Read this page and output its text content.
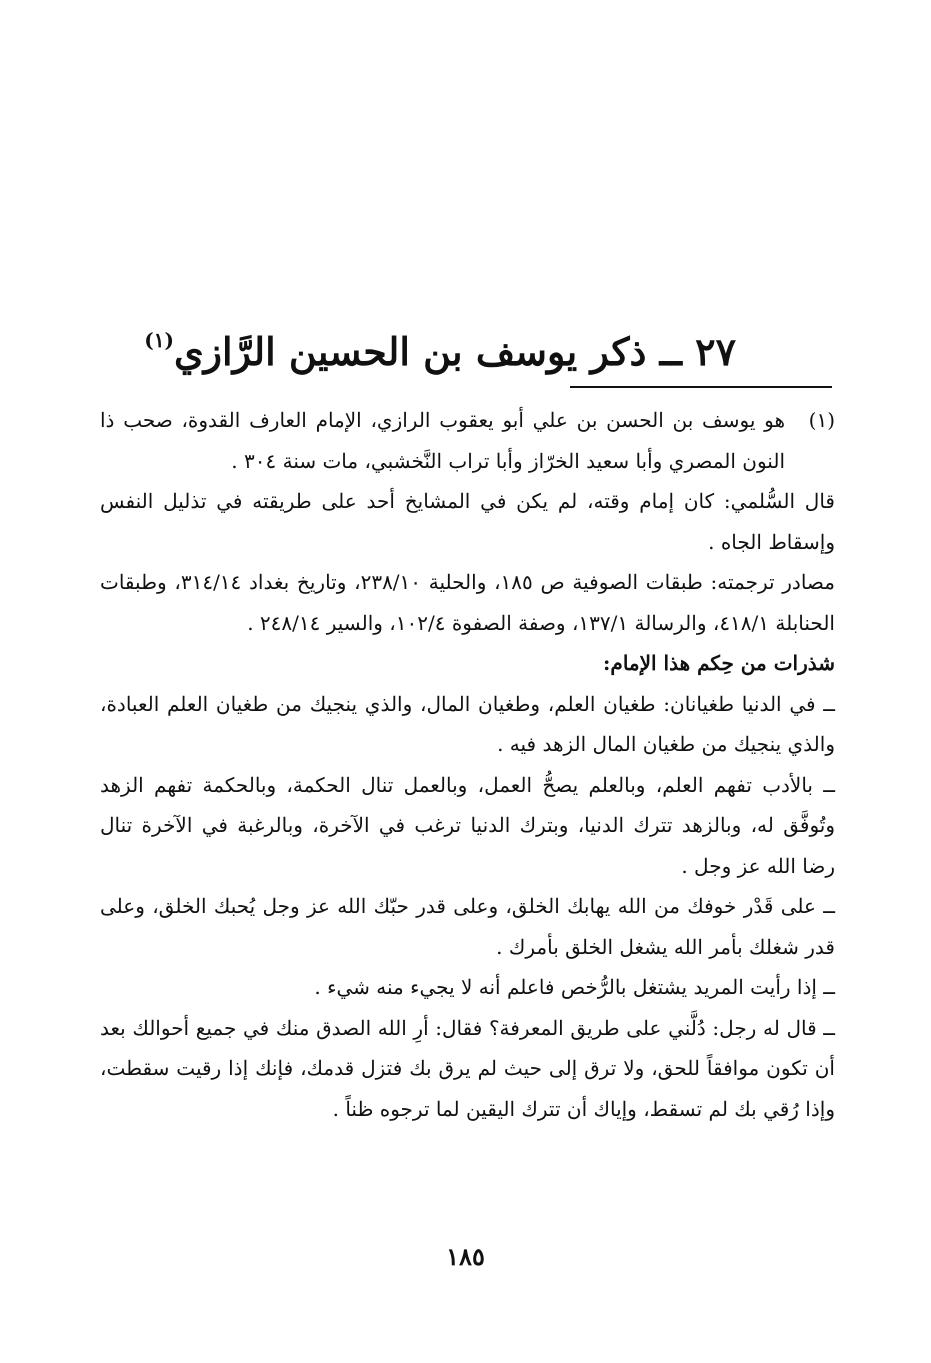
٢٧ ــ ذكر يوسف بن الحسين الرَّازي$^{(١)}$
(١)

هو يوسف بن الحسن بن علي أبو يعقوب الرازي، الإمام العارف القدوة، صحب ذا النون المصري وأبا سعيد الخرّاز وأبا تراب النَّخشبي، مات سنة ٣٠٤ .

قال السُّلمي: كان إمام وقته، لم يكن في المشايخ أحد على طريقته في تذليل النفس وإسقاط الجاه .

مصادر ترجمته: طبقات الصوفية ص ١٨٥، والحلية ٢٣٨/١٠، وتاريخ بغداد ٣١٤/١٤، وطبقات الحنابلة ٤١٨/١، والرسالة ١٣٧/١، وصفة الصفوة ١٠٢/٤، والسير ٢٤٨/١٤ .

شذرات من حِكم هذا الإمام:

ــ في الدنيا طغيانان: طغيان العلم، وطغيان المال، والذي ينجيك من طغيان العلم العبادة، والذي ينجيك من طغيان المال الزهد فيه .

ــ بالأدب تفهم العلم، وبالعلم يصحُّ العمل، وبالعمل تنال الحكمة، وبالحكمة تفهم الزهد وتُوفَّق له، وبالزهد تترك الدنيا، وبترك الدنيا ترغب في الآخرة، وبالرغبة في الآخرة تنال رضا الله عز وجل .

ــ على قَدْر خوفك من الله يهابك الخلق، وعلى قدر حبّك الله عز وجل يُحبك الخلق، وعلى قدر شغلك بأمر الله يشغل الخلق بأمرك .

ــ إذا رأيت المريد يشتغل بالرُّخص فاعلم أنه لا يجيء منه شيء .

ــ قال له رجل: دُلَّني على طريق المعرفة؟ فقال: أرِ الله الصدق منك في جميع أحوالك بعد أن تكون موافقاً للحق، ولا ترق إلى حيث لم يرق بك فتزل قدمك، فإنك إذا رقيت سقطت، وإذا رُقي بك لم تسقط، وإياك أن تترك اليقين لما ترجوه ظناً .

١٨٥
